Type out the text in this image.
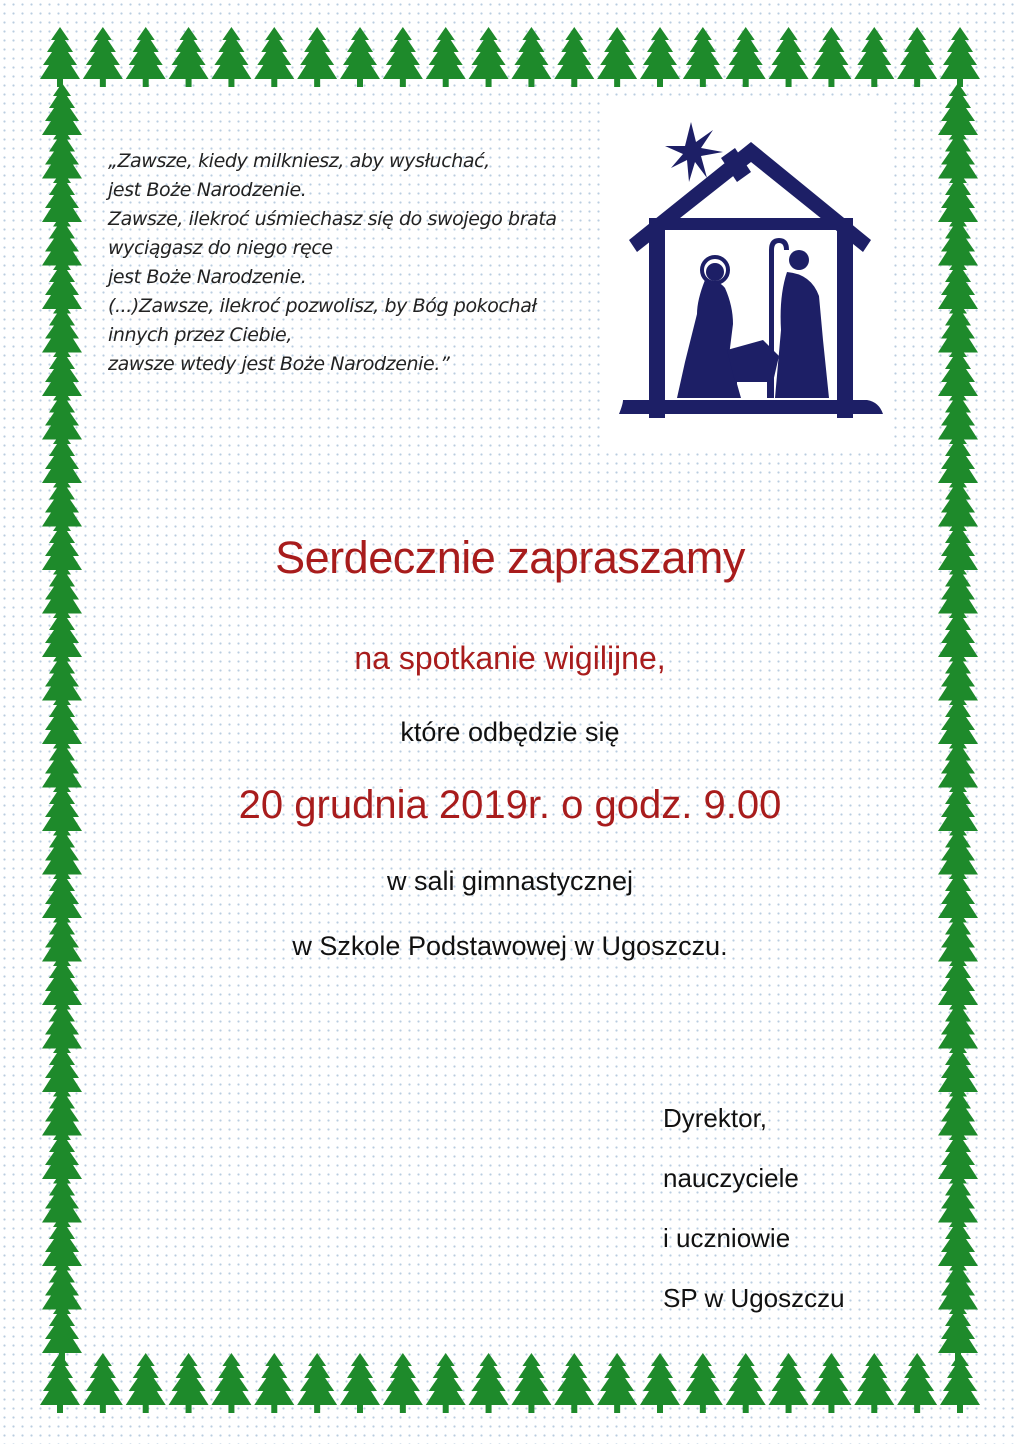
„Zawsze, kiedy milkniesz, aby wysłuchać,
jest Boże Narodzenie.
Zawsze, ilekroć uśmiechasz się do swojego brata
wyciągasz do niego ręce
jest Boże Narodzenie.
(...)Zawsze, ilekroć pozwolisz, by Bóg pokochał
innych przez Ciebie,
zawsze wtedy jest Boże Narodzenie.”
Serdecznie zapraszamy
na spotkanie wigilijne,
które odbędzie się
20 grudnia 2019r. o godz. 9.00
w sali gimnastycznej
w Szkole Podstawowej w Ugoszczu.
Dyrektor,
nauczyciele
i uczniowie
SP w Ugoszczu
